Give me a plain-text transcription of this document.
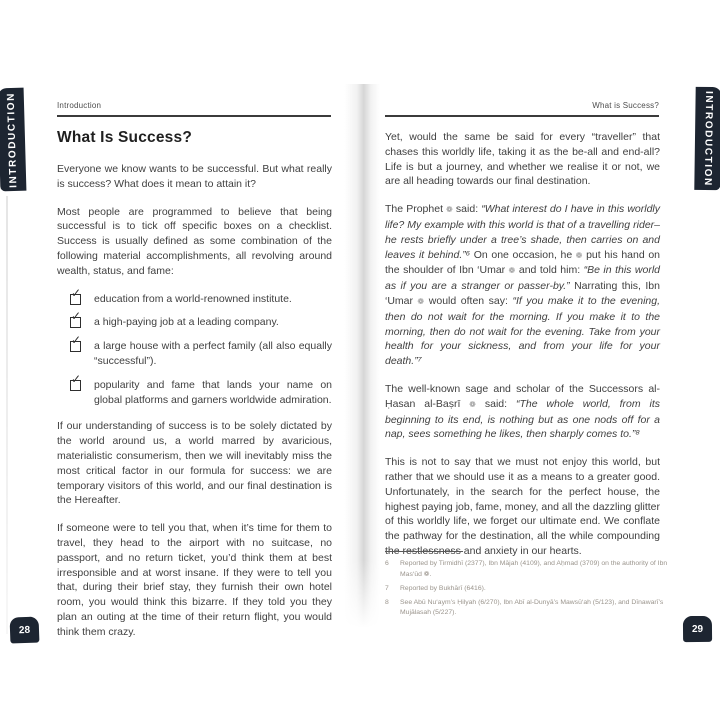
INTRODUCTION	INTRODUCTION
Introduction	What is Success?
What Is Success?

Everyone we know wants to be successful. But what really is success? What does it mean to attain it?

Most people are programmed to believe that being successful is to tick off specific boxes on a checklist. Success is usually defined as some combination of the following material accomplishments, all revolving around wealth, status, and fame:

✓ education from a world-renowned institute.
✓ a high-paying job at a leading company.
✓ a large house with a perfect family (all also equally “successful”).
✓ popularity and fame that lands your name on global platforms and garners worldwide admiration.

If our understanding of success is to be solely dictated by the world around us, a world marred by avaricious, materialistic consumerism, then we will inevitably miss the most critical factor in our formula for success: we are temporary visitors of this world, and our final destination is the Hereafter.

If someone were to tell you that, when it’s time for them to travel, they head to the airport with no suitcase, no passport, and no return ticket, you’d think them at best irresponsible and at worst insane. If they were to tell you that, during their brief stay, they furnish their own hotel room, you would think this bizarre. If they told you they plan an outing at the time of their return flight, you would think them crazy.

Yet, would the same be said for every “traveller” that chases this worldly life, taking it as the be-all and end-all? Life is but a journey, and whether we realise it or not, we are all heading towards our final destination.

The Prophet ❁ said: “What interest do I have in this worldly life? My example with this world is that of a travelling rider–he rests briefly under a tree’s shade, then carries on and leaves it behind.”⁶ On one occasion, he ❁ put his hand on the shoulder of Ibn ‘Umar ❁ and told him: “Be in this world as if you are a stranger or passer-by.” Narrating this, Ibn ‘Umar ❁ would often say: “If you make it to the evening, then do not wait for the morning. If you make it to the morning, then do not wait for the evening. Take from your health for your sickness, and from your life for your death.”⁷

The well-known sage and scholar of the Successors al-Ḥasan al-Baṣrī ❁ said: “The whole world, from its beginning to its end, is nothing but as one nods off for a nap, sees something he likes, then sharply comes to.”⁸

This is not to say that we must not enjoy this world, but rather that we should use it as a means to a greater good. Unfortunately, in the search for the perfect house, the highest paying job, fame, money, and all the dazzling glitter of this worldly life, we forget our ultimate end. We conflate the pathway for the destination, all the while compounding the restlessness and anxiety in our hearts.

6	Reported by Tirmidhī (2377), Ibn Mājah (4109), and Aḥmad (3709) on the authority of Ibn Mas‘ūd ❁.
7	Reported by Bukhārī (6416).
8	See Abū Nu‘aym’s Ḥilyah (6/270), Ibn Abī al-Dunyā’s Mawsū‘ah (5/123), and Dīnawarī’s Mujālasah (5/227).
28	29
